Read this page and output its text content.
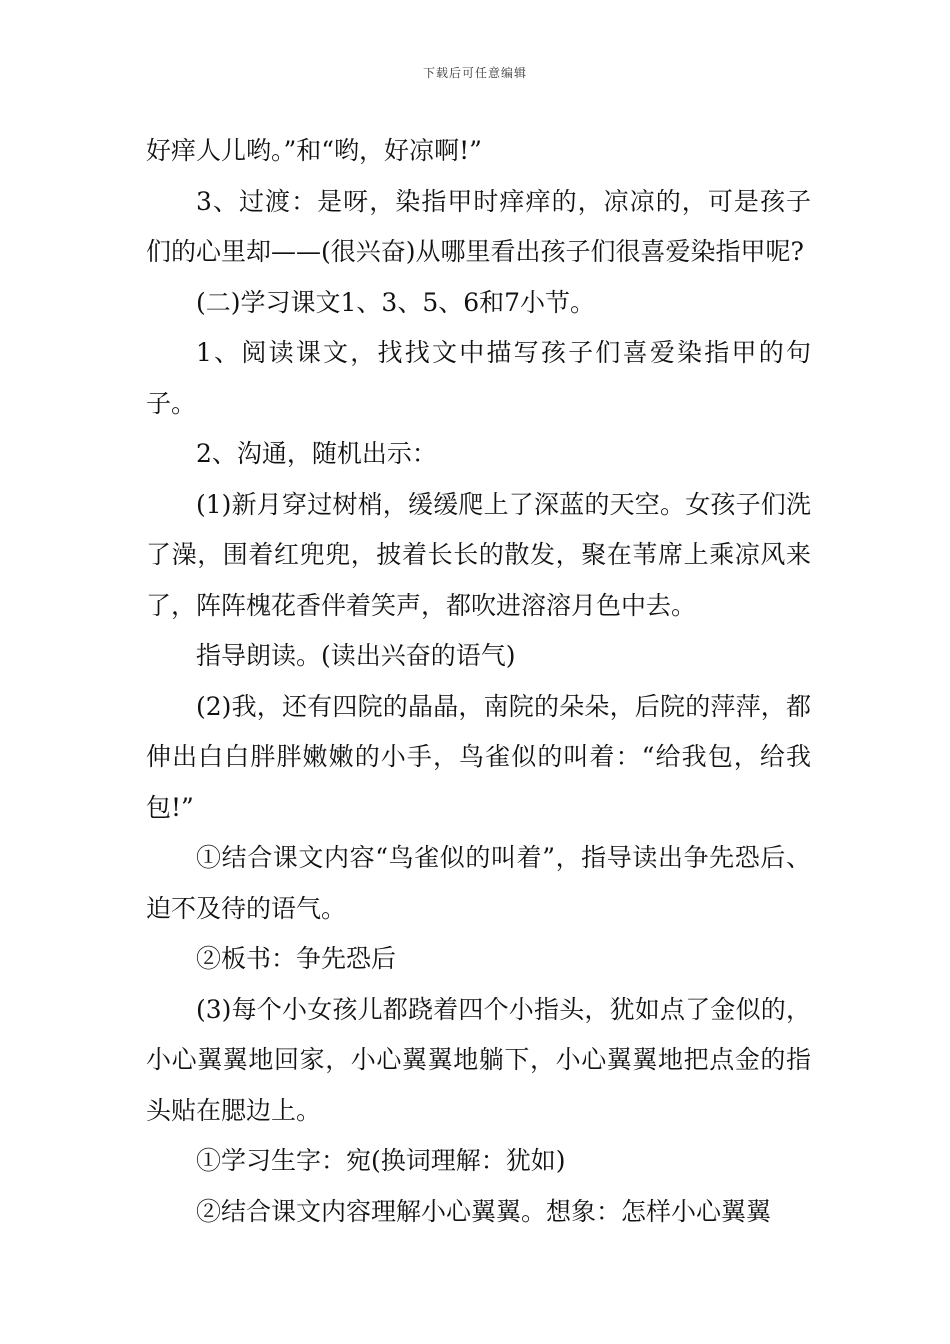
下载后可任意编辑

好痒人儿哟。”和“哟，好凉啊!”

3、过渡：是呀，染指甲时痒痒的，凉凉的，可是孩子们的心里却——(很兴奋)从哪里看出孩子们很喜爱染指甲呢?

(二)学习课文1、3、5、6和7小节。

1、阅读课文，找找文中描写孩子们喜爱染指甲的句子。

2、沟通，随机出示：

(1)新月穿过树梢，缓缓爬上了深蓝的天空。女孩子们洗了澡，围着红兜兜，披着长长的散发，聚在苇席上乘凉风来了，阵阵槐花香伴着笑声，都吹进溶溶月色中去。

指导朗读。(读出兴奋的语气)

(2)我，还有四院的晶晶，南院的朵朵，后院的萍萍，都伸出白白胖胖嫩嫩的小手，鸟雀似的叫着：“给我包，给我包!”

①结合课文内容“鸟雀似的叫着”，指导读出争先恐后、迫不及待的语气。

②板书：争先恐后

(3)每个小女孩儿都跷着四个小指头，犹如点了金似的，小心翼翼地回家，小心翼翼地躺下，小心翼翼地把点金的指头贴在腮边上。

①学习生字：宛(换词理解：犹如)

②结合课文内容理解小心翼翼。想象：怎样小心翼翼
